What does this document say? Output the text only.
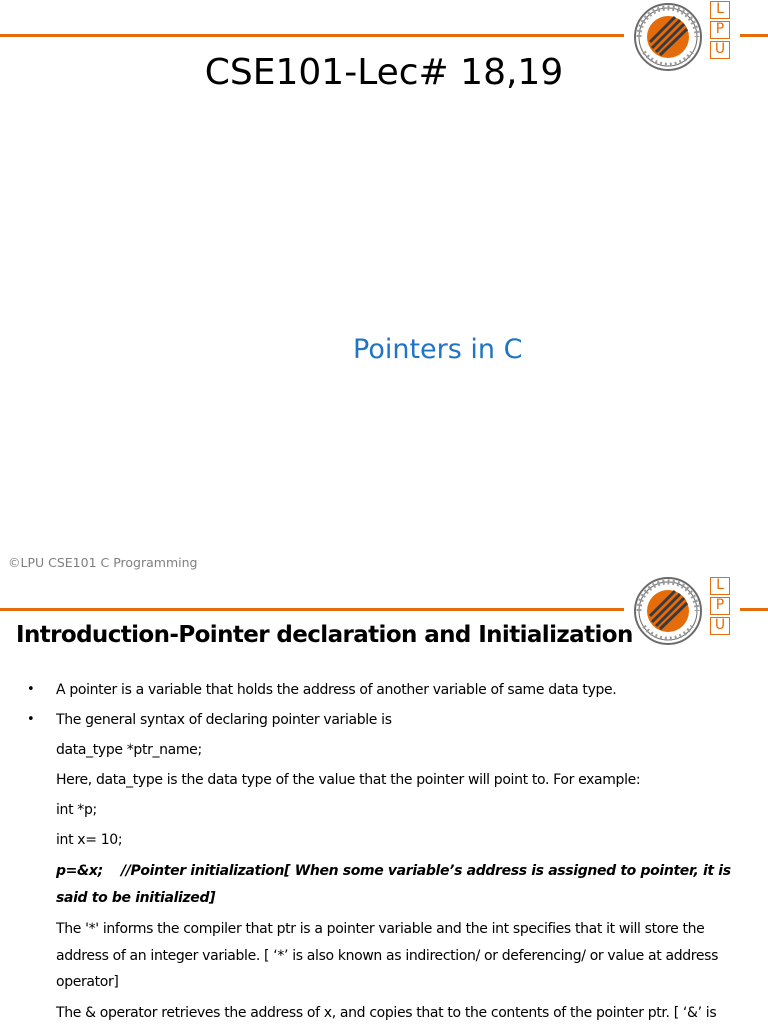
L
P
U
CSE101-Lec# 18,19
Pointers in C
©LPU CSE101 C Programming
L
P
U
Introduction-Pointer declaration and Initialization
• A pointer is a variable that holds the address of another variable of same data type.
• The general syntax of declaring pointer variable is
data_type *ptr_name;
Here, data_type is the data type of the value that the pointer will point to. For example:
int *p;
int x= 10;
p=&x; //Pointer initialization[ When some variable’s address is assigned to pointer, it is said to be initialized]
The '*' informs the compiler that ptr is a pointer variable and the int specifies that it will store the address of an integer variable. [ ‘*’ is also known as indirection/ or deferencing/ or value at address operator]
The & operator retrieves the address of x, and copies that to the contents of the pointer ptr. [ ‘&’ is
